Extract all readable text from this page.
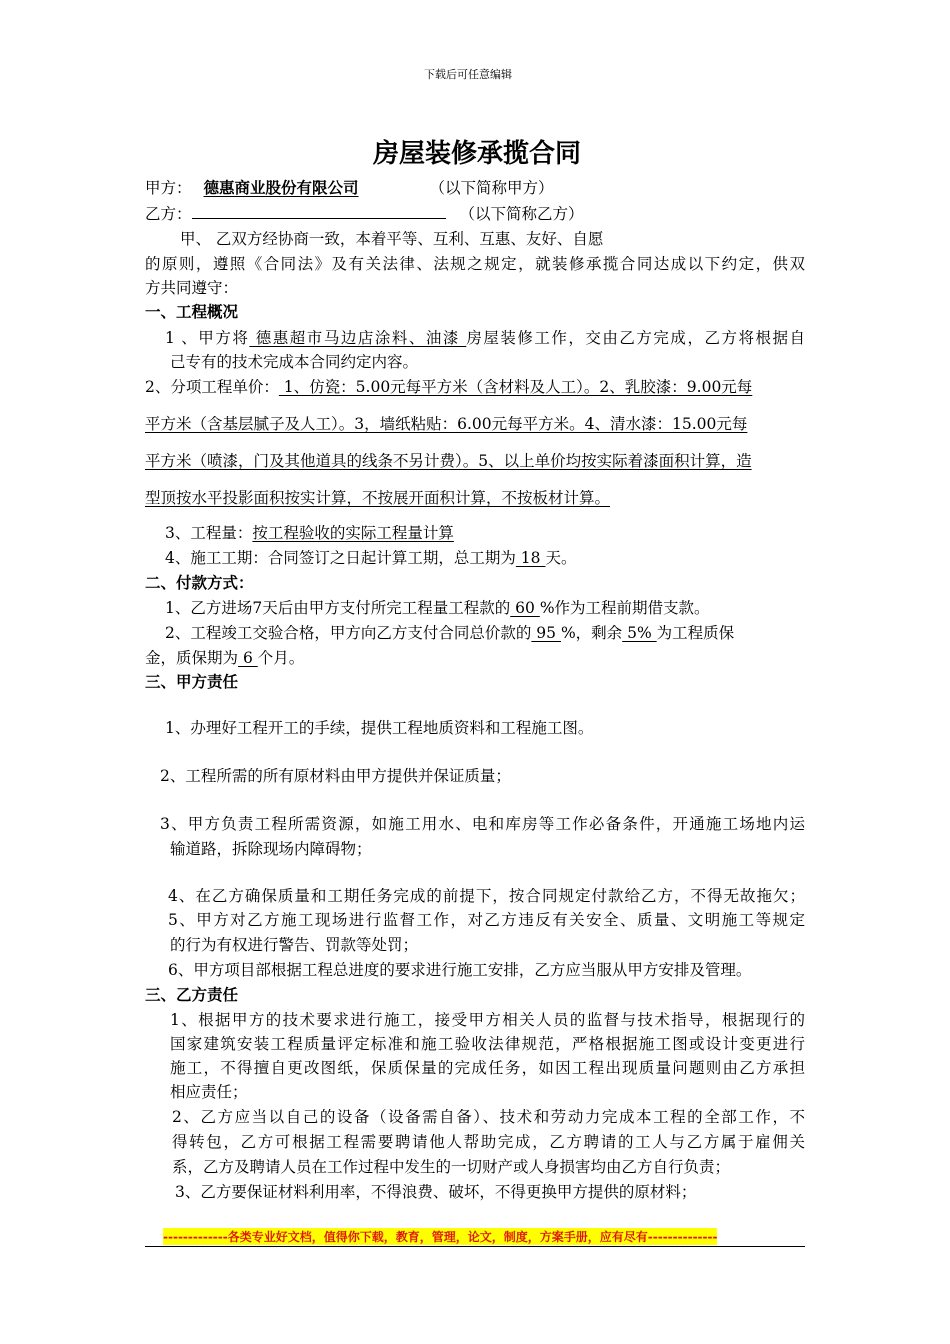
下载后可任意编辑
房屋装修承揽合同
甲方： 德惠商业股份有限公司	（以下简称甲方）
乙方：	（以下简称乙方）
甲、 乙双方经协商一致，本着平等、互利、互惠、友好、自愿
的原则，遵照《合同法》及有关法律、法规之规定，就装修承揽合同达成以下约定，供双
方共同遵守：
一、工程概况
1 、甲方将 德惠超市马边店涂料、油漆 房屋装修工作，交由乙方完成，乙方将根据自
己专有的技术完成本合同约定内容。
2、分项工程单价： 1、仿瓷：5.00元每平方米（含材料及人工）。2、乳胶漆：9.00元每
平方米（含基层腻子及人工）。3，墙纸粘贴：6.00元每平方米。4、清水漆：15.00元每
平方米（喷漆，门及其他道具的线条不另计费）。5、以上单价均按实际着漆面积计算，造
型顶按水平投影面积按实计算，不按展开面积计算，不按板材计算。
3、工程量：按工程验收的实际工程量计算
4、施工工期：合同签订之日起计算工期，总工期为 18 天。
二、付款方式：
1、乙方进场7天后由甲方支付所完工程量工程款的 60 %作为工程前期借支款。
2、工程竣工交验合格，甲方向乙方支付合同总价款的 95 %，剩余 5% 为工程质保
金，质保期为 6 个月。
三、甲方责任
1、办理好工程开工的手续，提供工程地质资料和工程施工图。
2、工程所需的所有原材料由甲方提供并保证质量；
3、甲方负责工程所需资源，如施工用水、电和库房等工作必备条件，开通施工场地内运
输道路，拆除现场内障碍物；
4、在乙方确保质量和工期任务完成的前提下，按合同规定付款给乙方，不得无故拖欠；
5、甲方对乙方施工现场进行监督工作，对乙方违反有关安全、质量、文明施工等规定
的行为有权进行警告、罚款等处罚；
6、甲方项目部根据工程总进度的要求进行施工安排，乙方应当服从甲方安排及管理。
三、乙方责任
1、根据甲方的技术要求进行施工，接受甲方相关人员的监督与技术指导，根据现行的
国家建筑安装工程质量评定标准和施工验收法律规范，严格根据施工图或设计变更进行
施工，不得擅自更改图纸，保质保量的完成任务，如因工程出现质量问题则由乙方承担
相应责任；
2、乙方应当以自己的设备（设备需自备）、技术和劳动力完成本工程的全部工作，不
得转包，乙方可根据工程需要聘请他人帮助完成，乙方聘请的工人与乙方属于雇佣关
系，乙方及聘请人员在工作过程中发生的一切财产或人身损害均由乙方自行负责；
3、乙方要保证材料利用率，不得浪费、破坏，不得更换甲方提供的原材料；
-------------各类专业好文档，值得你下载，教育，管理，论文，制度，方案手册，应有尽有--------------
